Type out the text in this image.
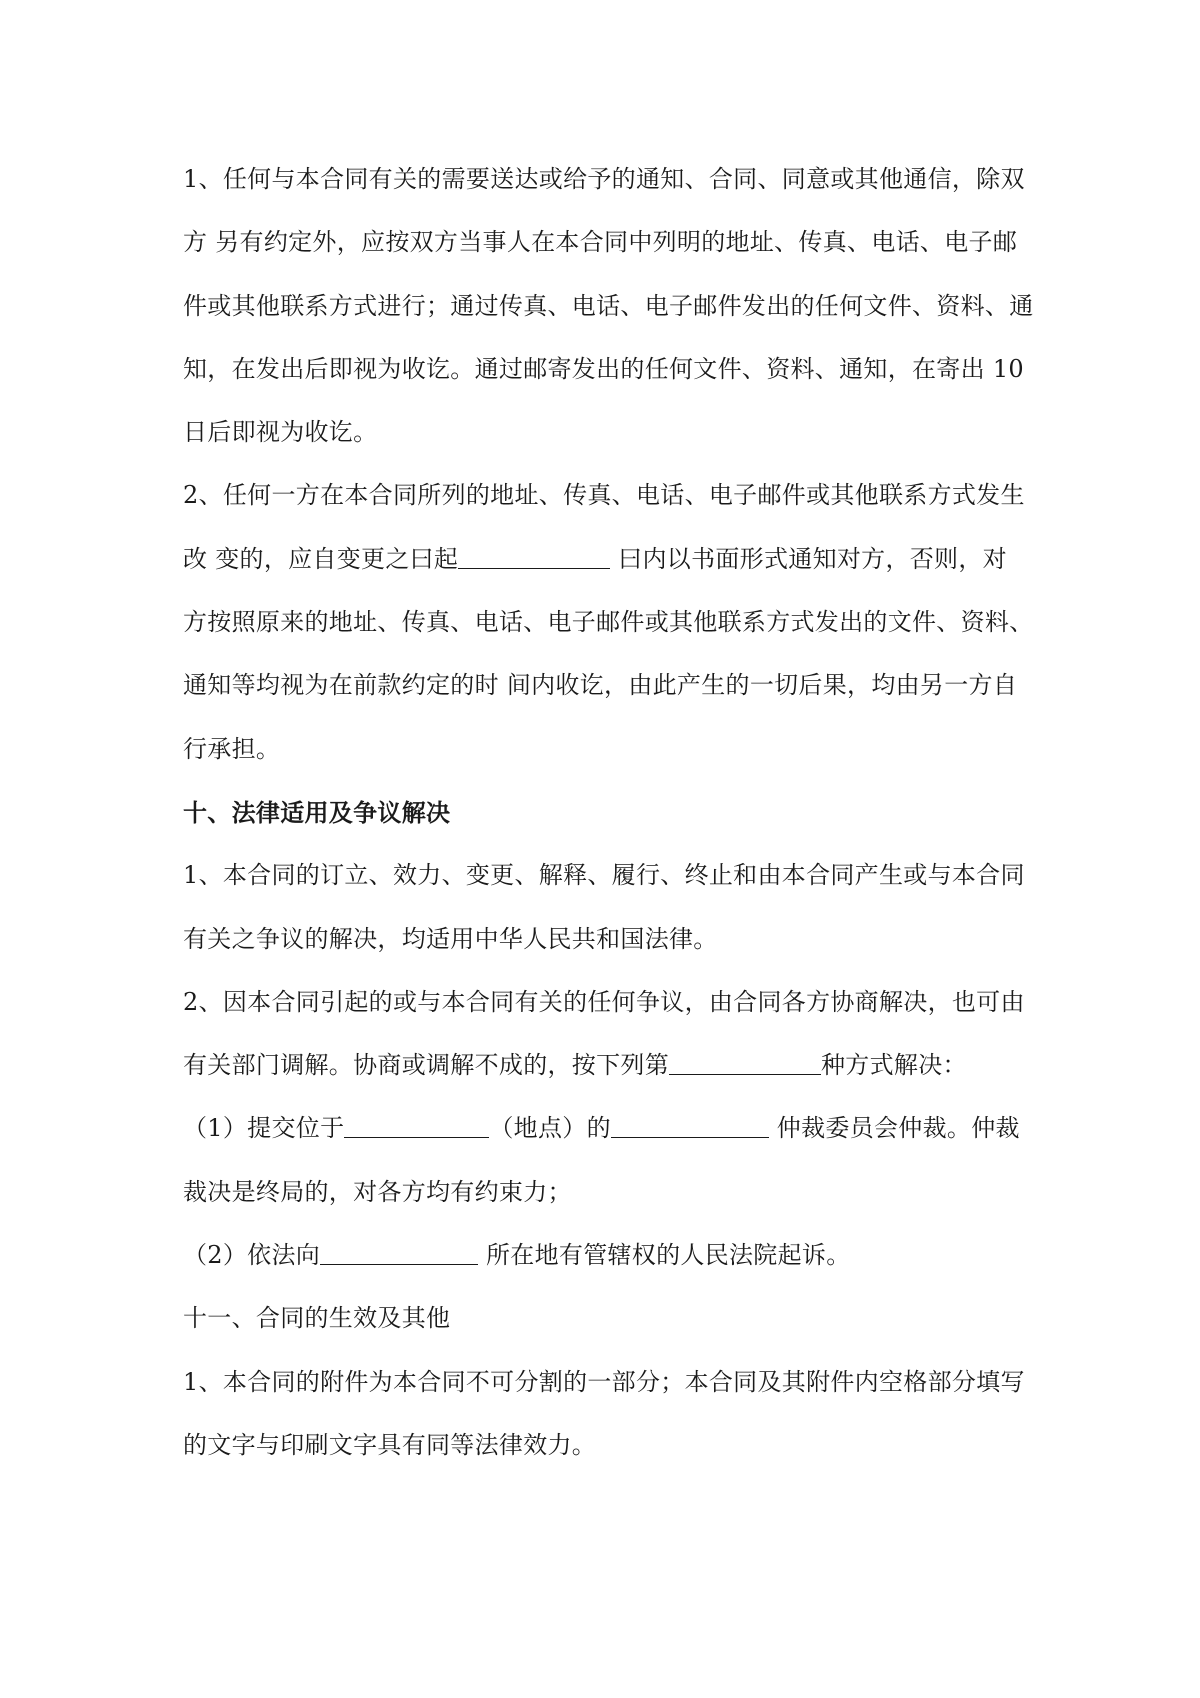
1、任何与本合同有关的需要送达或给予的通知、合同、同意或其他通信，除双
方 另有约定外，应按双方当事人在本合同中列明的地址、传真、电话、电子邮
件或其他联系方式进行；通过传真、电话、电子邮件发出的任何文件、资料、通
知，在发出后即视为收讫。通过邮寄发出的任何文件、资料、通知，在寄出 10
日后即视为收讫。
2、任何一方在本合同所列的地址、传真、电话、电子邮件或其他联系方式发生
改 变的，应自变更之曰起	曰内以书面形式通知对方，否则，对
方按照原来的地址、传真、电话、电子邮件或其他联系方式发出的文件、资料、
通知等均视为在前款约定的时 间内收讫，由此产生的一切后果，均由另一方自
行承担。
十、法律适用及争议解决
1、本合同的订立、效力、变更、解释、履行、终止和由本合同产生或与本合同
有关之争议的解决，均适用中华人民共和国法律。
2、因本合同引起的或与本合同有关的任何争议，由合同各方协商解决，也可由
有关部门调解。协商或调解不成的，按下列第	种方式解决：
（1）提交位于	（地点）的	仲裁委员会仲裁。仲裁
裁决是终局的，对各方均有约束力；
（2）依法向	所在地有管辖权的人民法院起诉。
十一、合同的生效及其他
1、本合同的附件为本合同不可分割的一部分；本合同及其附件内空格部分填写
的文字与印刷文字具有同等法律效力。
